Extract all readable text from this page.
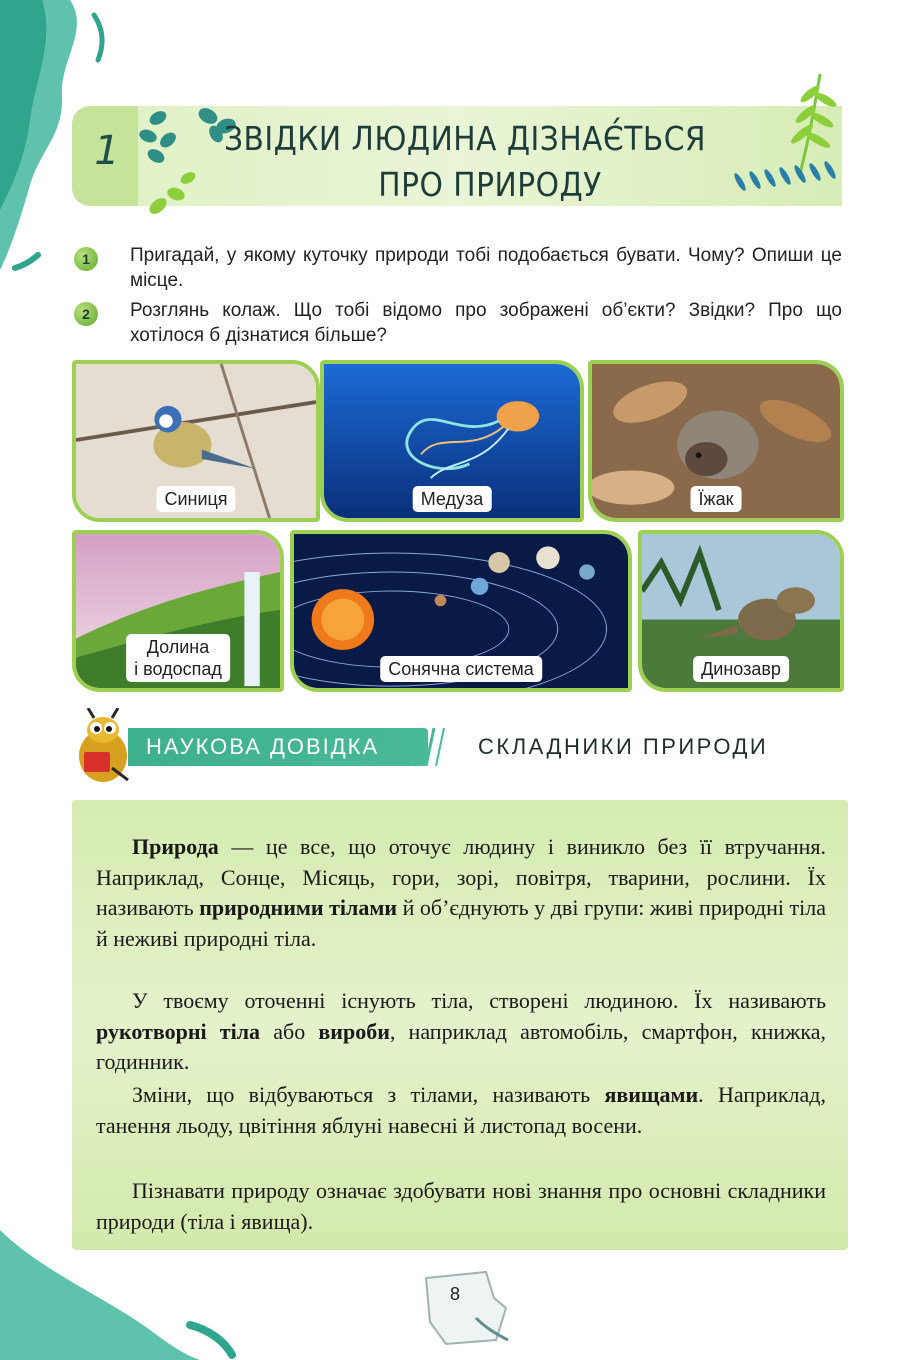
1	ЗВІДКИ ЛЮДИНА ДІЗНАЄ́ТЬСЯ
ПРО ПРИРОДУ
1	Пригадай, у якому куточку природи тобі подобається бувати. Чому? Опиши це місце.
2	Розглянь колаж. Що тобі відомо про зображені об’єкти? Звідки? Про що хотілося б дізнатися більше?
Синиця	Медуза	Їжак
Долина
і водоспад	Сонячна система	Динозавр
НАУКОВА ДОВІДКА	СКЛАДНИКИ ПРИРОДИ
Природа — це все, що оточує людину і виникло без її втручання. Наприклад, Сонце, Місяць, гори, зорі, повітря, тварини, рослини. Їх називають природними тілами й об’єднують у дві групи: живі природні тіла й неживі природні тіла.
У твоєму оточенні існують тіла, створені людиною. Їх називають рукотворні тіла або вироби, наприклад автомобіль, смартфон, книжка, годинник.
Зміни, що відбуваються з тілами, називають явищами. Наприклад, танення льоду, цвітіння яблуні навесні й листопад восени.
Пізнавати природу означає здобувати нові знання про основні складники природи (тіла і явища).
8
